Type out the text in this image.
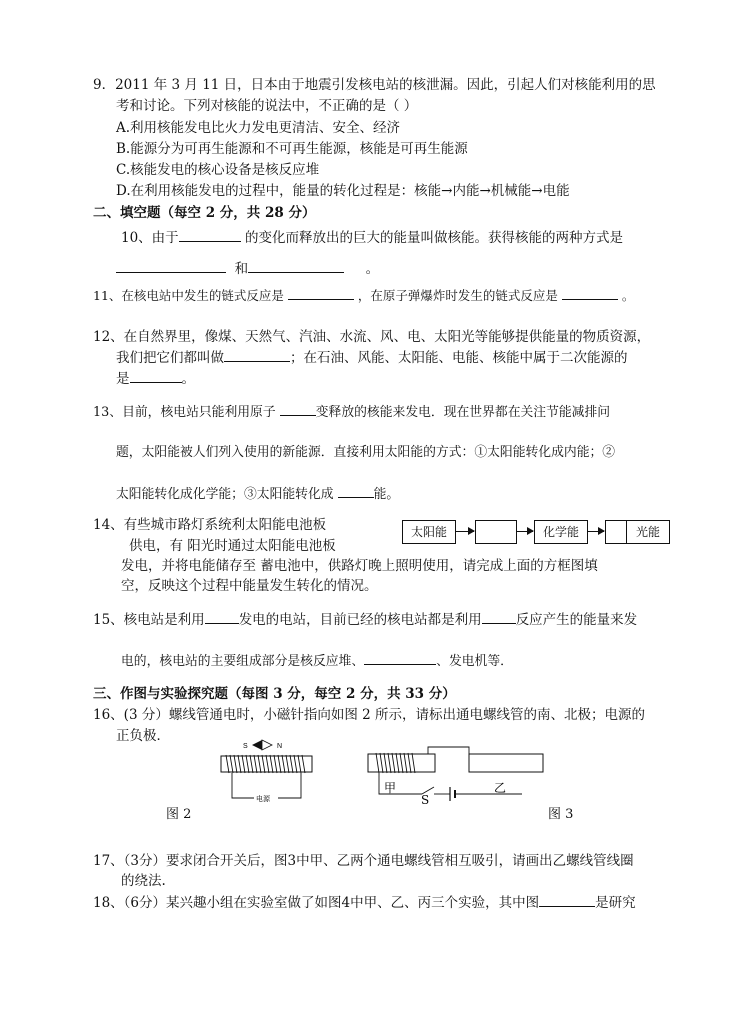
9．2011 年 3 月 11 日，日本由于地震引发核电站的核泄漏。因此，引起人们对核能利用的思
考和讨论。下列对核能的说法中，不正确的是（ ）
A.利用核能发电比火力发电更清洁、安全、经济
B.能源分为可再生能源和不可再生能源，核能是可再生能源
C.核能发电的核心设备是核反应堆
D.在利用核能发电的过程中，能量的转化过程是：核能→内能→机械能→电能
二、填空题（每空 2 分，共 28 分）
10、由于	的变化而释放出的巨大的能量叫做核能。获得核能的两种方式是
和	。
11、在核电站中发生的链式反应是	，在原子弹爆炸时发生的链式反应是	。
12、在自然界里，像煤、天然气、汽油、水流、风、电、太阳光等能够提供能量的物质资源，
我们把它们都叫做	；在石油、风能、太阳能、电能、核能中属于二次能源的
是	。
13、目前，核电站只能利用原子	变释放的核能来发电．现在世界都在关注节能减排问
题，太阳能被人们列入使用的新能源．直接利用太阳能的方式：①太阳能转化成内能；②
太阳能转化成化学能；③太阳能转化成	能。
14、有些城市路灯系统利太阳能电池板
供电，有 阳光时通过太阳能电池板
发电，并将电能储存至 蓄电池中，供路灯晚上照明使用，请完成上面的方框图填
空，反映这个过程中能量发生转化的情况。
太阳能	化学能	光能
15、核电站是利用	发电的电站，目前已经的核电站都是利用	反应产生的能量来发
电的，核电站的主要组成部分是核反应堆、	、发电机等．
三、作图与实验探究题（每图 3 分，每空 2 分，共 33 分）
16、(3 分）螺线管通电时，小磁针指向如图 2 所示，请标出通电螺线管的南、北极；电源的
正负极．
S	N
电源
图 2
甲
S
乙
图 3
17、（3分）要求闭合开关后，图3中甲、乙两个通电螺线管相互吸引，请画出乙螺线管线圈
的绕法.
18、（6分）某兴趣小组在实验室做了如图4中甲、乙、丙三个实验，其中图	是研究
